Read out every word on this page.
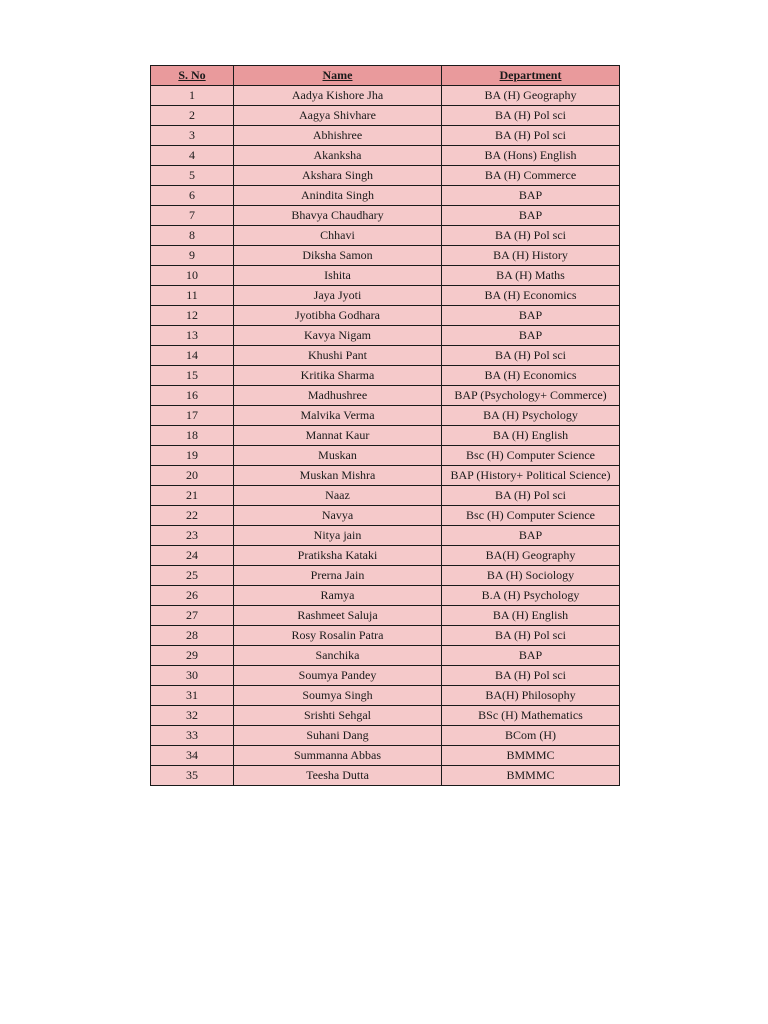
S. No	Name	Department
1	Aadya Kishore Jha	BA (H) Geography
2	Aagya Shivhare	BA (H) Pol sci
3	Abhishree	BA (H) Pol sci
4	Akanksha	BA (Hons) English
5	Akshara Singh	BA (H) Commerce
6	Anindita Singh	BAP
7	Bhavya Chaudhary	BAP
8	Chhavi	BA (H) Pol sci
9	Diksha Samon	BA (H) History
10	Ishita	BA (H) Maths
11	Jaya Jyoti	BA (H) Economics
12	Jyotibha Godhara	BAP
13	Kavya Nigam	BAP
14	Khushi Pant	BA (H) Pol sci
15	Kritika Sharma	BA (H) Economics
16	Madhushree	BAP (Psychology+ Commerce)
17	Malvika Verma	BA (H) Psychology
18	Mannat Kaur	BA (H) English
19	Muskan	Bsc (H) Computer Science
20	Muskan Mishra	BAP (History+ Political Science)
21	Naaz	BA (H) Pol sci
22	Navya	Bsc (H) Computer Science
23	Nitya jain	BAP
24	Pratiksha Kataki	BA(H) Geography
25	Prerna Jain	BA (H) Sociology
26	Ramya	B.A (H) Psychology
27	Rashmeet Saluja	BA (H) English
28	Rosy Rosalin Patra	BA (H) Pol sci
29	Sanchika	BAP
30	Soumya Pandey	BA (H) Pol sci
31	Soumya Singh	BA(H) Philosophy
32	Srishti Sehgal	BSc (H) Mathematics
33	Suhani Dang	BCom (H)
34	Summanna Abbas	BMMMC
35	Teesha Dutta	BMMMC
